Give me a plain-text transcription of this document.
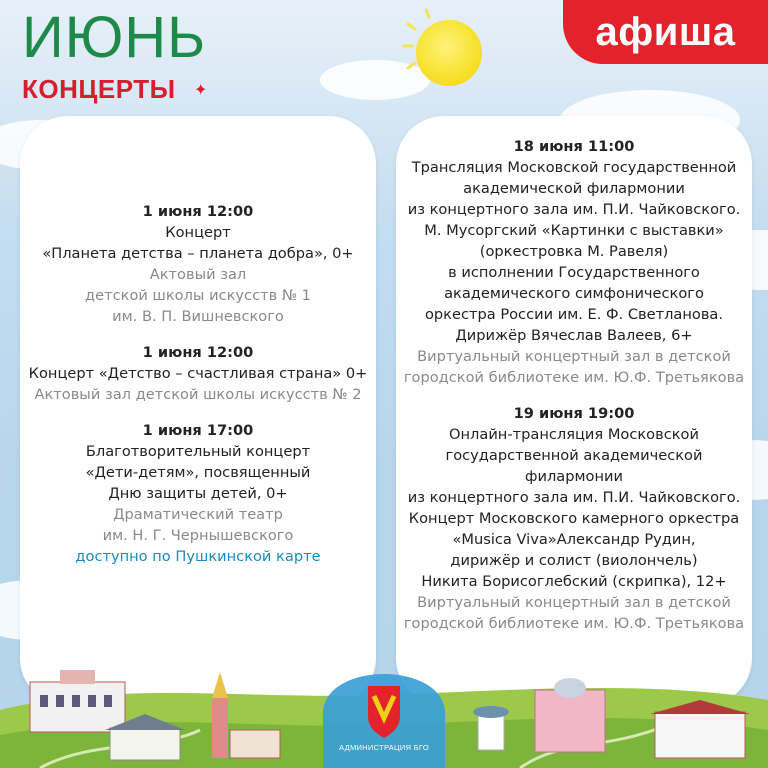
ИЮНЬ
КОНЦЕРТЫ ✦
афиша
1 июня 12:00
Концерт
«Планета детства – планета добра», 0+
Актовый зал
детской школы искусств № 1
им. В. П. Вишневского
1 июня 12:00
Концерт «Детство – счастливая страна» 0+
Актовый зал детской школы искусств № 2
1 июня 17:00
Благотворительный концерт
«Дети-детям», посвященный
Дню защиты детей, 0+
Драматический театр
им. Н. Г. Чернышевского
доступно по Пушкинской карте
18 июня 11:00
Трансляция Московской государственной
академической филармонии
из концертного зала им. П.И. Чайковского.
М. Мусоргский «Картинки с выставки»
(оркестровка М. Равеля)
в исполнении Государственного
академического симфонического
оркестра России им. Е. Ф. Светланова.
Дирижёр Вячеслав Валеев, 6+
Виртуальный концертный зал в детской
городской библиотеке им. Ю.Ф. Третьякова
19 июня 19:00
Онлайн-трансляция Московской
государственной академической филармонии
из концертного зала им. П.И. Чайковского.
Концерт Московского камерного оркестра
«Musica Viva»Александр Рудин,
дирижёр и солист (виолончель)
Никита Борисоглебский (скрипка), 12+
Виртуальный концертный зал в детской
городской библиотеке им. Ю.Ф. Третьякова
АДМИНИСТРАЦИЯ БГО
